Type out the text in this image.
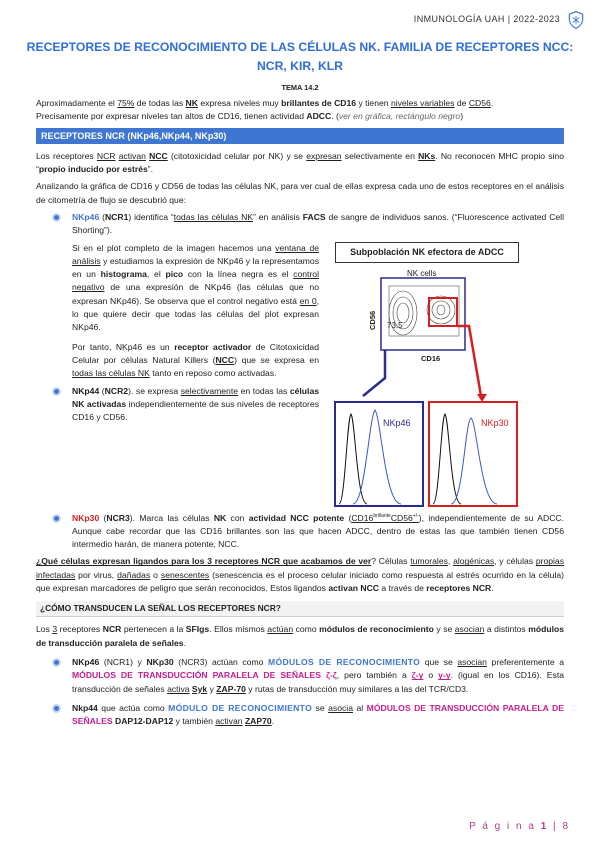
INMUNOLOGÍA UAH | 2022-2023
RECEPTORES DE RECONOCIMIENTO DE LAS CÉLULAS NK. FAMILIA DE RECEPTORES NCC:
NCR, KIR, KLR
TEMA 14.2

Aproximadamente el 75% de todas las NK expresa niveles muy brillantes de CD16 y tienen niveles variables de CD56.

Precisamente por expresar niveles tan altos de CD16, tienen actividad ADCC. (ver en gráfica, rectángulo negro)

RECEPTORES NCR (NKp46,NKp44, NKp30)

Los receptores NCR activan NCC (citotoxicidad celular por NK) y se expresan selectivamente en NKs. No reconocen MHC propio sino “propio inducido por estrés”.

Analizando la gráfica de CD16 y CD56 de todas las células NK, para ver cual de ellas expresa cada uno de estos receptores en el análisis de citometría de flujo se descubrió que:

NKp46 (NCR1) identifica “todas las células NK” en análisis FACS de sangre de individuos sanos. (“Fluorescence activated Cell Shorting”).

Si en el plot completo de la imagen hacemos una ventana de análisis y estudiamos la expresión de NKp46 y la representamos en un histograma, el pico con la línea negra es el control negativo de una expresión de NKp46 (las células que no expresan NKp46). Se observa que el control negativo está en 0, lo que quiere decir que todas las células del plot expresan NKp46.

Por tanto, NKp46 es un receptor activador de Citotoxicidad Celular por células Natural Killers (NCC) que se expresa en todas las células NK tanto en reposo como activadas.

NKp44 (NCR2). se expresa selectivamente en todas las células NK activadas independientemente de sus niveles de receptores CD16 y CD56.

Subpoblación NK efectora de ADCC
NK cells
73.5
CD16
CD56
NKp46	NKp30

NKp30 (NCR3). Marca las células NK con actividad NCC potente $(CD16^{brillante}CD56^{+/-})$, independientemente de su ADCC. Aunque cabe recordar que las CD16 brillantes son las que hacen ADCC, dentro de estas las que también tienen CD56 intermedio harán, de manera potente, NCC.

¿Qué células expresan ligandos para los 3 receptores NCR que acabamos de ver? Células tumorales, alogénicas, y células propias infectadas por virus, dañadas o senescentes (senescencia es el proceso celular iniciado como respuesta al estrés ocurrido en la célula) que expresan marcadores de peligro que serán reconocidos. Estos ligandos activan NCC a través de receptores NCR.

¿CÓMO TRANSDUCEN LA SEÑAL LOS RECEPTORES NCR?

Los 3 receptores NCR pertenecen a la SFIgs. Ellos mismos actúan como módulos de reconocimiento y se asocian a distintos módulos de transducción paralela de señales.

NKp46 (NCR1) y NKp30 (NCR3) actúan como MÓDULOS DE RECONOCIMIENTO que se asocian preferentemente a MÓDULOS DE TRANSDUCCIÓN PARALELA DE SEÑALES ζ-ζ, pero también a ζ-γ o γ-γ. (igual en los CD16). Esta transducción de señales activa Syk y ZAP-70 y rutas de transducción muy similares a las del TCR/CD3.

Nkp44 que actúa como MÓDULO DE RECONOCIMIENTO se asocia al MÓDULOS DE TRANSDUCCIÓN PARALELA DE SEÑALES DAP12-DAP12 y también activan ZAP70.

P á g i n a 1 | 8
